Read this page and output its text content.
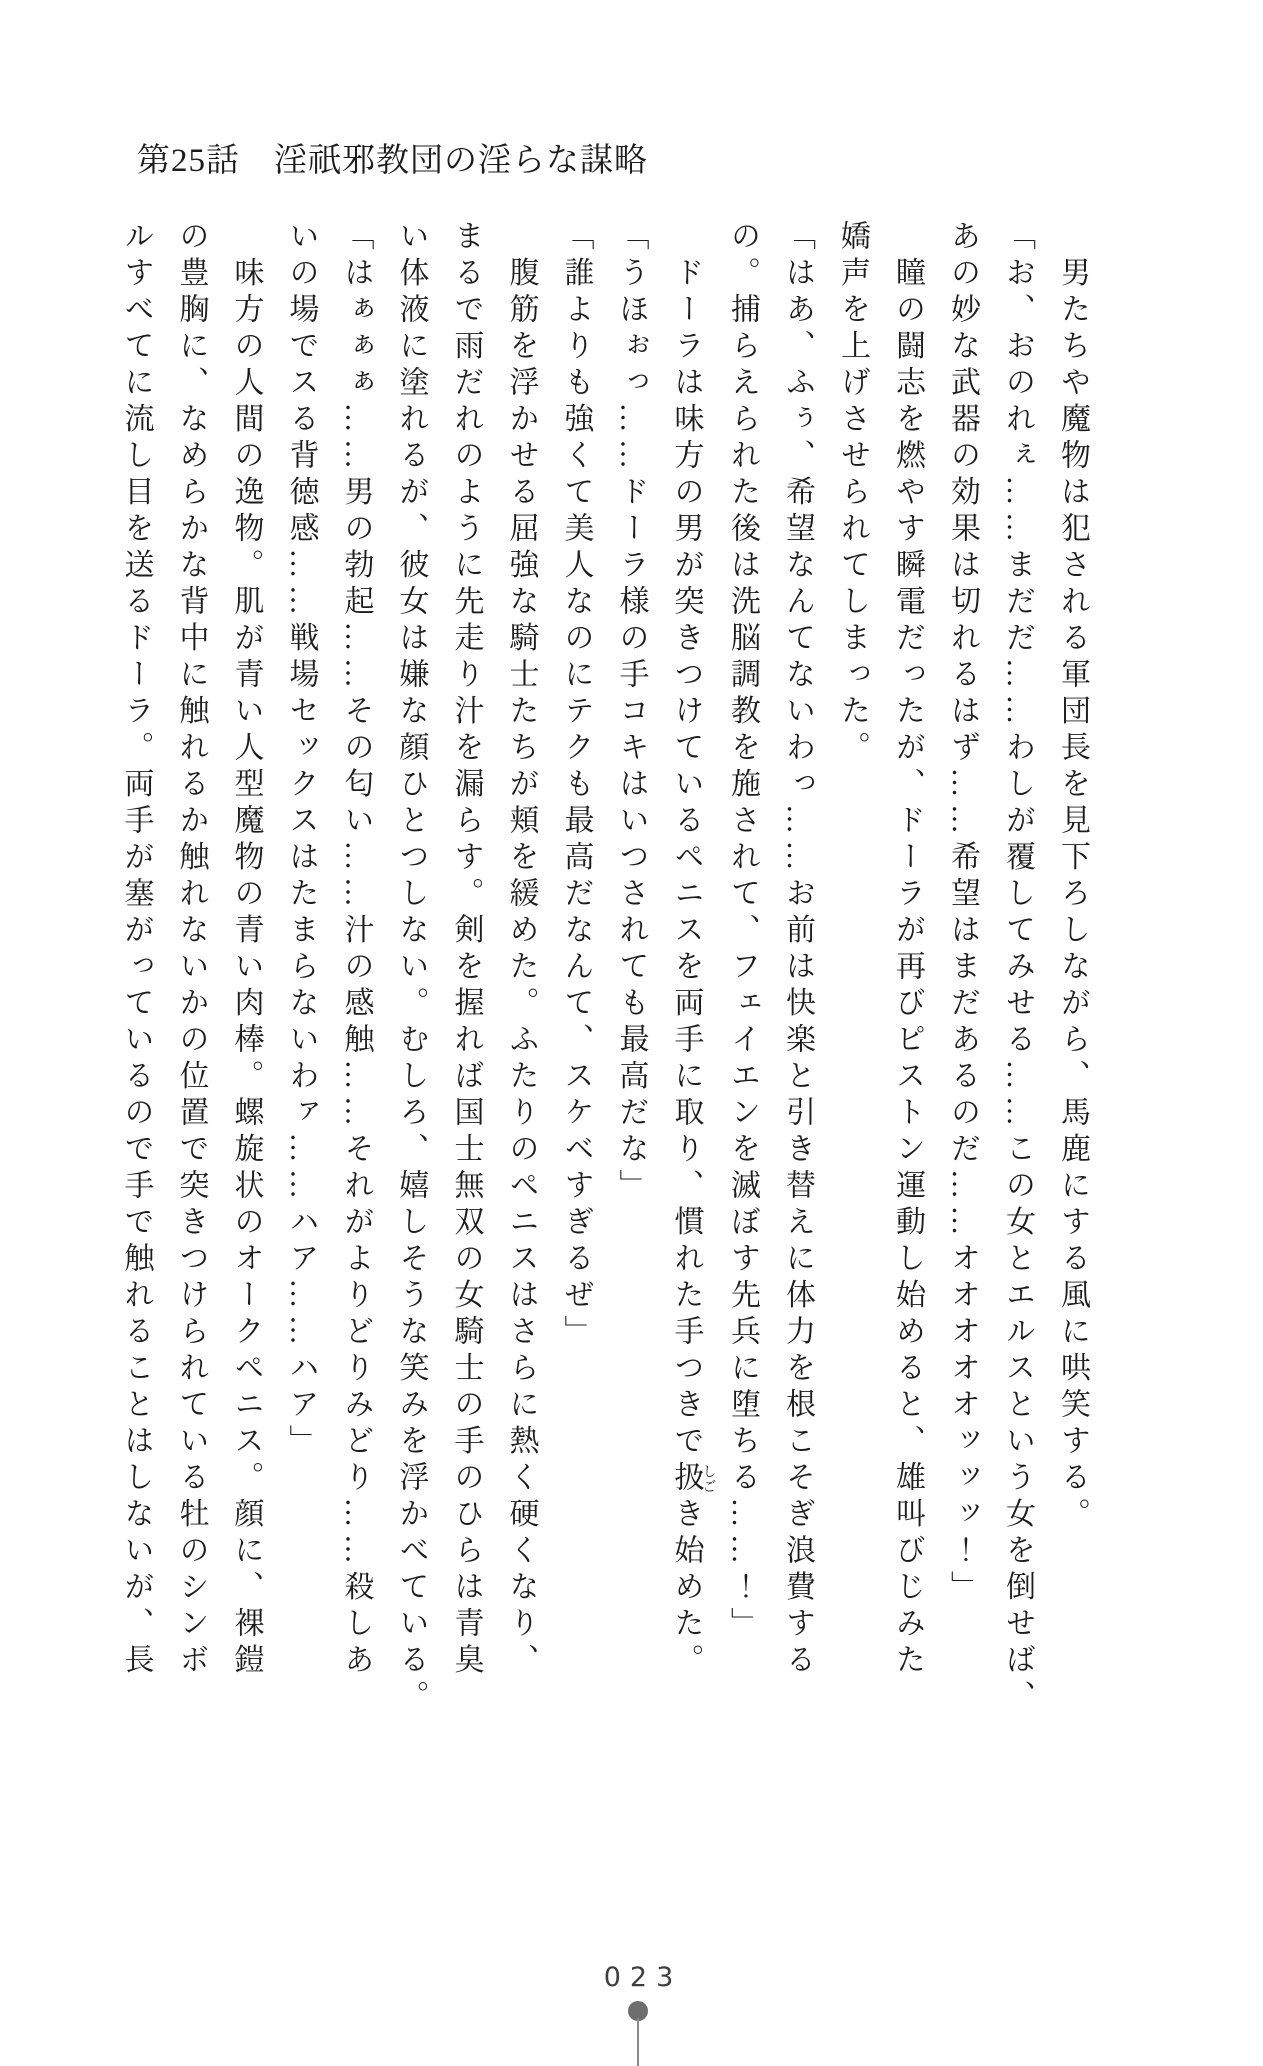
第25話　淫祇邪教団の淫らな謀略
　男たちや魔物は犯される軍団長を見下ろしながら、馬鹿にする風に哄笑する。
「お、おのれぇ……まだだ……わしが覆してみせる……この女とエルスという女を倒せば、
あの妙な武器の効果は切れるはず……希望はまだあるのだ……オオオオオッッッ！」
　瞳の闘志を燃やす瞬電だったが、ドーラが再びピストン運動し始めると、雄叫びじみた
嬌声を上げさせられてしまった。
「はあ、ふぅ、希望なんてないわっ……お前は快楽と引き替えに体力を根こそぎ浪費する
の。捕らえられた後は洗脳調教を施されて、フェイエンを滅ぼす先兵に堕ちる……！」
　ドーラは味方の男が突きつけているペニスを両手に取り、慣れた手つきで扱しごき始めた。
「うほぉっ……ドーラ様の手コキはいつされても最高だな」
「誰よりも強くて美人なのにテクも最高だなんて、スケベすぎるぜ」
　腹筋を浮かせる屈強な騎士たちが頬を緩めた。ふたりのペニスはさらに熱く硬くなり、
まるで雨だれのように先走り汁を漏らす。剣を握れば国士無双の女騎士の手のひらは青臭
い体液に塗れるが、彼女は嫌な顔ひとつしない。むしろ、嬉しそうな笑みを浮かべている。
「はぁぁぁ……男の勃起……その匂い……汁の感触……それがよりどりみどり……殺しあ
いの場でスる背徳感……戦場セックスはたまらないわァ……ハア……ハア」
　味方の人間の逸物。肌が青い人型魔物の青い肉棒。螺旋状のオークペニス。顔に、裸鎧
の豊胸に、なめらかな背中に触れるか触れないかの位置で突きつけられている牡のシンボ
ルすべてに流し目を送るドーラ。両手が塞がっているので手で触れることはしないが、長
023
